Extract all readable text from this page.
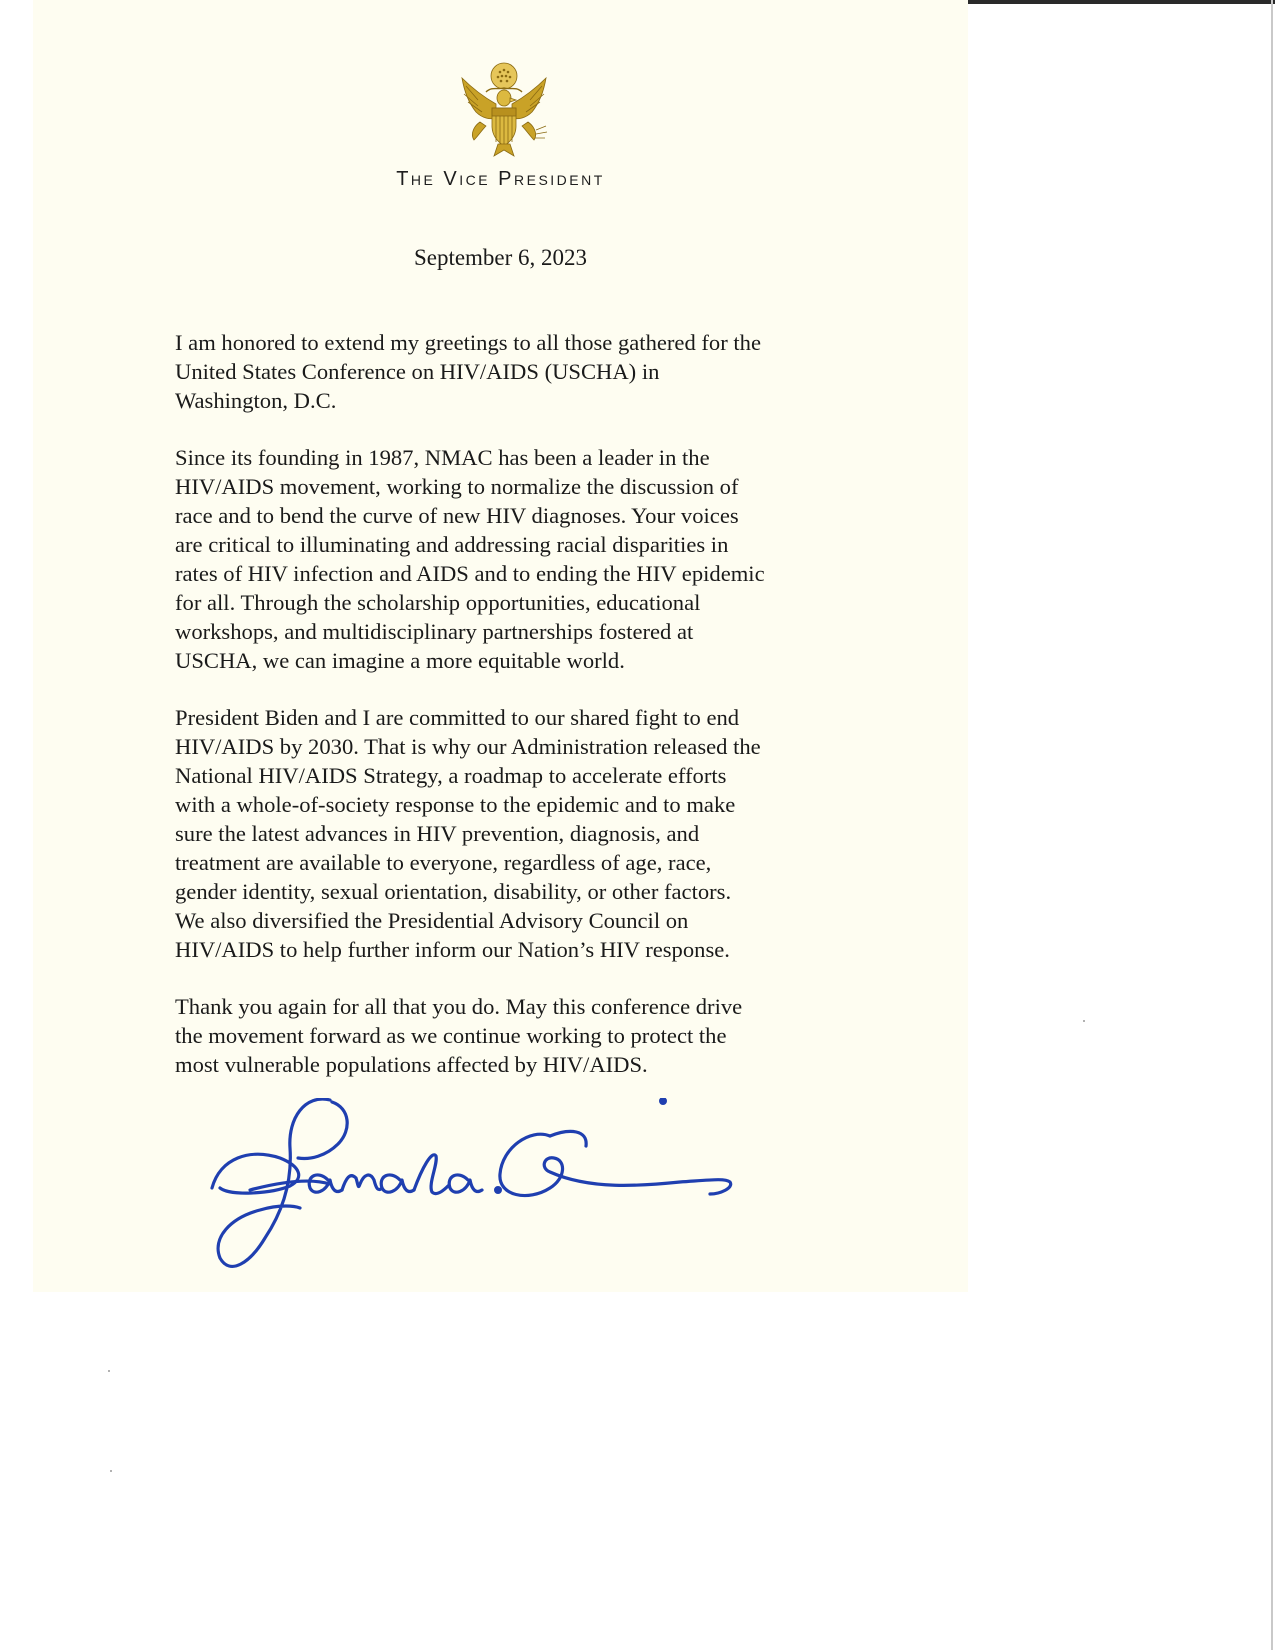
The Vice President
September 6, 2023

I am honored to extend my greetings to all those gathered for the
United States Conference on HIV/AIDS (USCHA) in
Washington, D.C.

Since its founding in 1987, NMAC has been a leader in the
HIV/AIDS movement, working to normalize the discussion of
race and to bend the curve of new HIV diagnoses. Your voices
are critical to illuminating and addressing racial disparities in
rates of HIV infection and AIDS and to ending the HIV epidemic
for all. Through the scholarship opportunities, educational
workshops, and multidisciplinary partnerships fostered at
USCHA, we can imagine a more equitable world.

President Biden and I are committed to our shared fight to end
HIV/AIDS by 2030. That is why our Administration released the
National HIV/AIDS Strategy, a roadmap to accelerate efforts
with a whole-of-society response to the epidemic and to make
sure the latest advances in HIV prevention, diagnosis, and
treatment are available to everyone, regardless of age, race,
gender identity, sexual orientation, disability, or other factors.
We also diversified the Presidential Advisory Council on
HIV/AIDS to help further inform our Nation’s HIV response.

Thank you again for all that you do. May this conference drive
the movement forward as we continue working to protect the
most vulnerable populations affected by HIV/AIDS.
